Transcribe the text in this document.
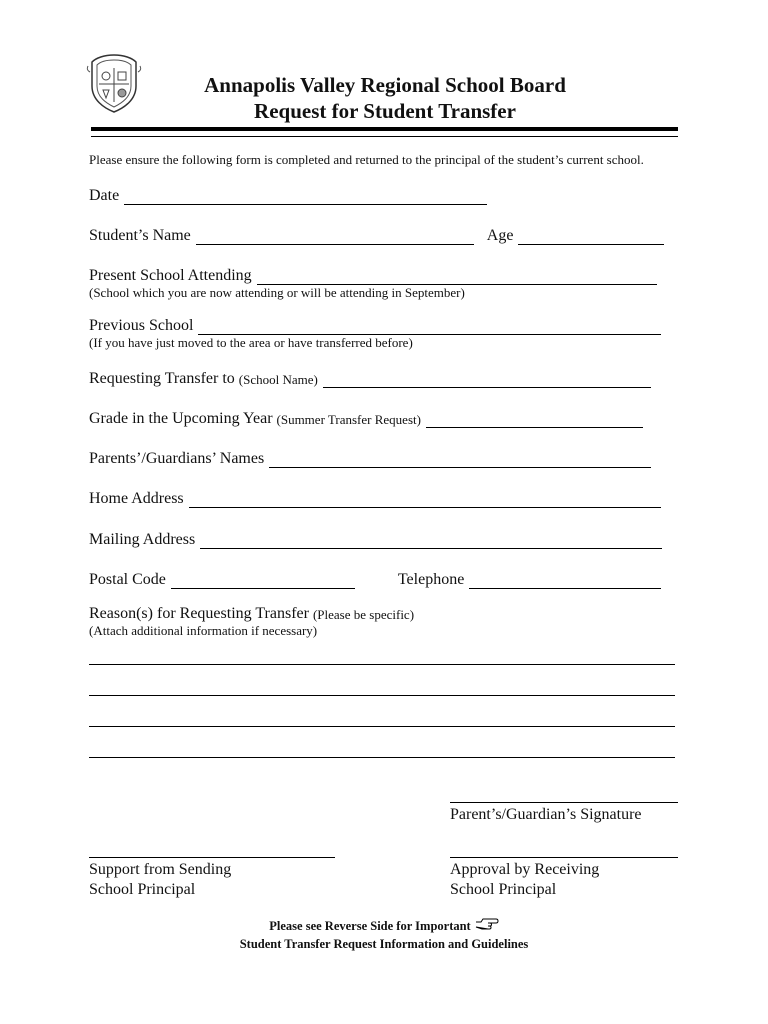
Annapolis Valley Regional School Board
Request for Student Transfer
Please ensure the following form is completed and returned to the principal of the student’s current school.
Date
Student’s Name	Age
Present School Attending
(School which you are now attending or will be attending in September)
Previous School
(If you have just moved to the area or have transferred before)
Requesting Transfer to (School Name)
Grade in the Upcoming Year (Summer Transfer Request)
Parents’/Guardians’ Names
Home Address
Mailing Address
Postal Code	Telephone
Reason(s) for Requesting Transfer (Please be specific)
(Attach additional information if necessary)
Parent’s/Guardian’s Signature
Support from Sending
School Principal
Approval by Receiving
School Principal
Please see Reverse Side for Important
Student Transfer Request Information and Guidelines
